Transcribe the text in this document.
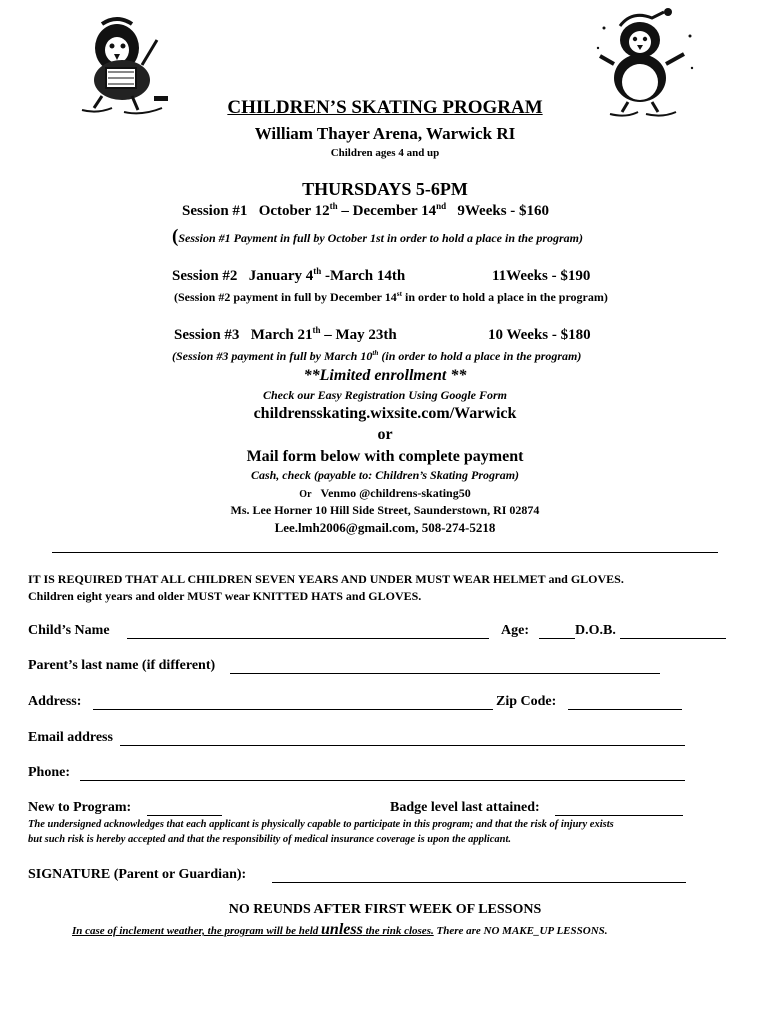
CHILDREN’S SKATING PROGRAM
William Thayer Arena, Warwick RI
Children ages 4 and up
THURSDAYS 5-6PM
Session #1 October 12th – December 14nd 9Weeks - $160
(Session #1 Payment in full by October 1st in order to hold a place in the program)
Session #2 January 4th -March 14th	11Weeks - $190
(Session #2 payment in full by December 14st in order to hold a place in the program)
Session #3 March 21th – May 23th	10 Weeks - $180
(Session #3 payment in full by March 10th (in order to hold a place in the program)
**Limited enrollment **
Check our Easy Registration Using Google Form
childrensskating.wixsite.com/Warwick
or
Mail form below with complete payment
Cash, check (payable to: Children’s Skating Program)
Or Venmo @childrens-skating50
Ms. Lee Horner 10 Hill Side Street, Saunderstown, RI 02874
Lee.lmh2006@gmail.com, 508-274-5218
IT IS REQUIRED THAT ALL CHILDREN SEVEN YEARS AND UNDER MUST WEAR HELMET and GLOVES.
Children eight years and older MUST wear KNITTED HATS and GLOVES.
Child’s Name	Age:	D.O.B.
Parent’s last name (if different)
Address:	Zip Code:
Email address
Phone:
New to Program:	Badge level last attained:
The undersigned acknowledges that each applicant is physically capable to participate in this program; and that the risk of injury exists
but such risk is hereby accepted and that the responsibility of medical insurance coverage is upon the applicant.
SIGNATURE (Parent or Guardian):
NO REUNDS AFTER FIRST WEEK OF LESSONS
In case of inclement weather, the program will be held unless the rink closes. There are NO MAKE_UP LESSONS.
